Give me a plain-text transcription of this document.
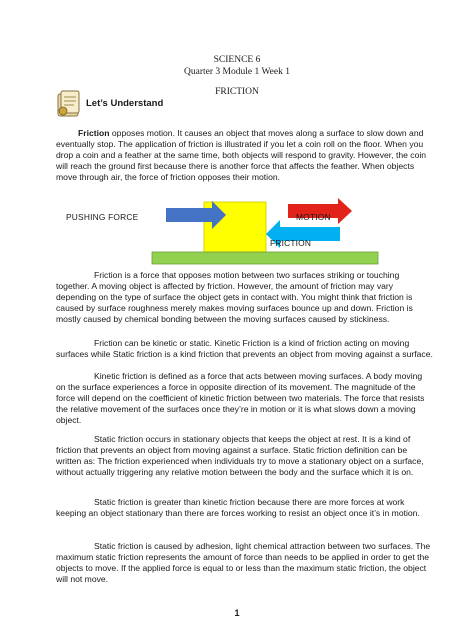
SCIENCE 6
Quarter 3 Module 1 Week 1
FRICTION
Let’s Understand

Friction opposes motion. It causes an object that moves along a surface to slow down and eventually stop. The application of friction is illustrated if you let a coin roll on the floor. When you drop a coin and a feather at the same time, both objects will respond to gravity. However, the coin will reach the ground first because there is another force that affects the feather. When objects move through air, the force of friction opposes their motion.

PUSHING FORCE	MOTION
FRICTION

Friction is a force that opposes motion between two surfaces striking or touching together. A moving object is affected by friction. However, the amount of friction may vary depending on the type of surface the object gets in contact with. You might think that friction is caused by surface roughness merely makes moving surfaces bounce up and down. Friction is mostly caused by chemical bonding between the moving surfaces caused by stickiness.

Friction can be kinetic or static. Kinetic Friction is a kind of friction acting on moving surfaces while Static friction is a kind friction that prevents an object from moving against a surface.

Kinetic friction is defined as a force that acts between moving surfaces. A body moving on the surface experiences a force in opposite direction of its movement. The magnitude of the force will depend on the coefficient of kinetic friction between two materials. The force that resists the relative movement of the surfaces once they’re in motion or it is what slows down a moving object.

Static friction occurs in stationary objects that keeps the object at rest. It is a kind of friction that prevents an object from moving against a surface. Static friction definition can be written as: The friction experienced when individuals try to move a stationary object on a surface, without actually triggering any relative motion between the body and the surface which it is on.

Static friction is greater than kinetic friction because there are more forces at work keeping an object stationary than there are forces working to resist an object once it’s in motion.

Static friction is caused by adhesion, light chemical attraction between two surfaces. The maximum static friction represents the amount of force than needs to be applied in order to get the objects to move. If the applied force is equal to or less than the maximum static friction, the object will not move.

1
